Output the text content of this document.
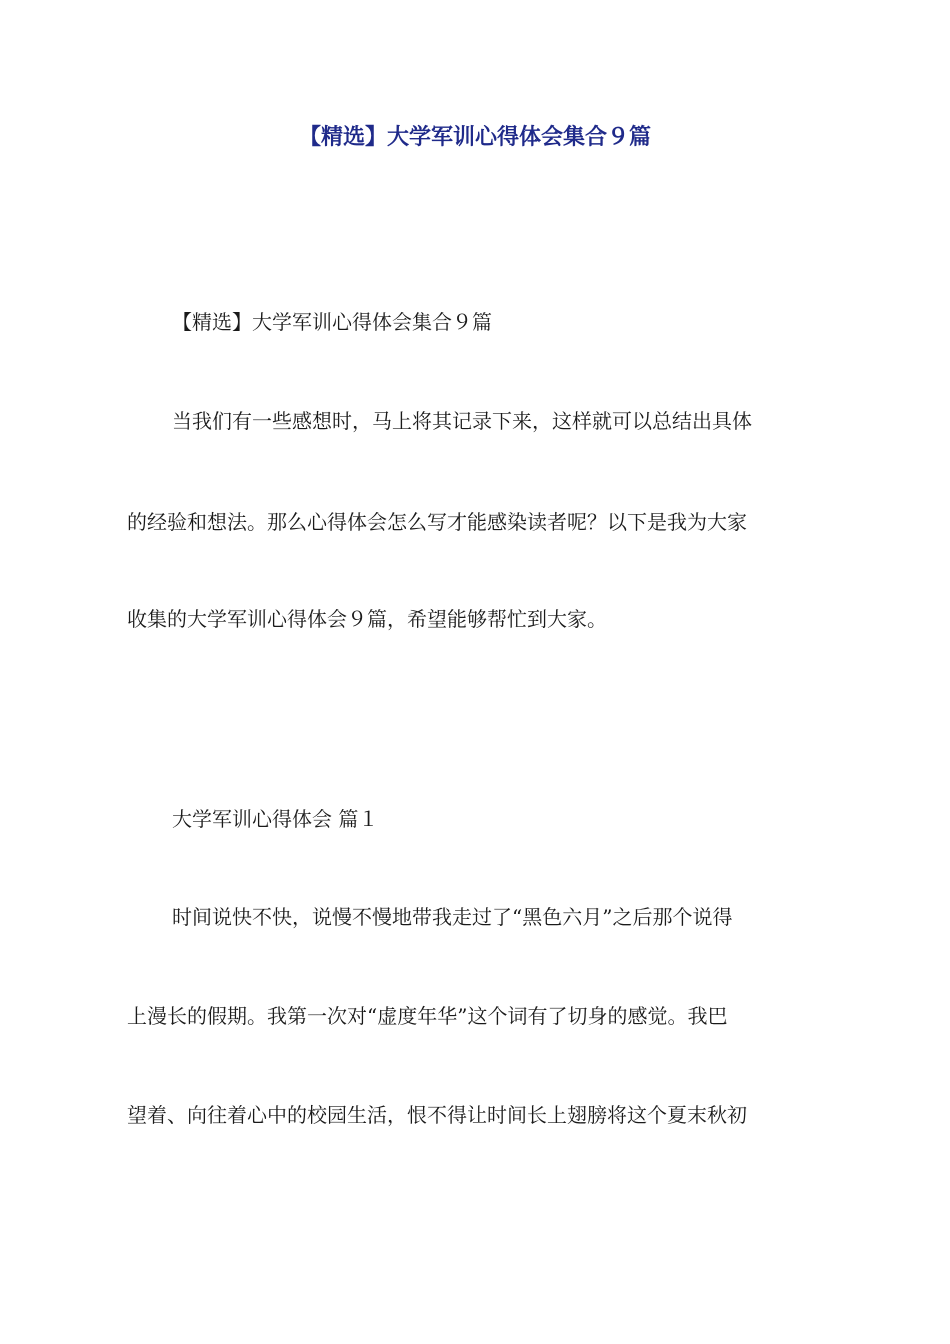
【精选】大学军训心得体会集合９篇

【精选】大学军训心得体会集合９篇

当我们有一些感想时，马上将其记录下来，这样就可以总结出具体

的经验和想法。那么心得体会怎么写才能感染读者呢？以下是我为大家

收集的大学军训心得体会９篇，希望能够帮忙到大家。

大学军训心得体会 篇１

时间说快不快，说慢不慢地带我走过了“黑色六月”之后那个说得

上漫长的假期。我第一次对“虚度年华”这个词有了切身的感觉。我巴

望着、向往着心中的校园生活，恨不得让时间长上翅膀将这个夏末秋初
